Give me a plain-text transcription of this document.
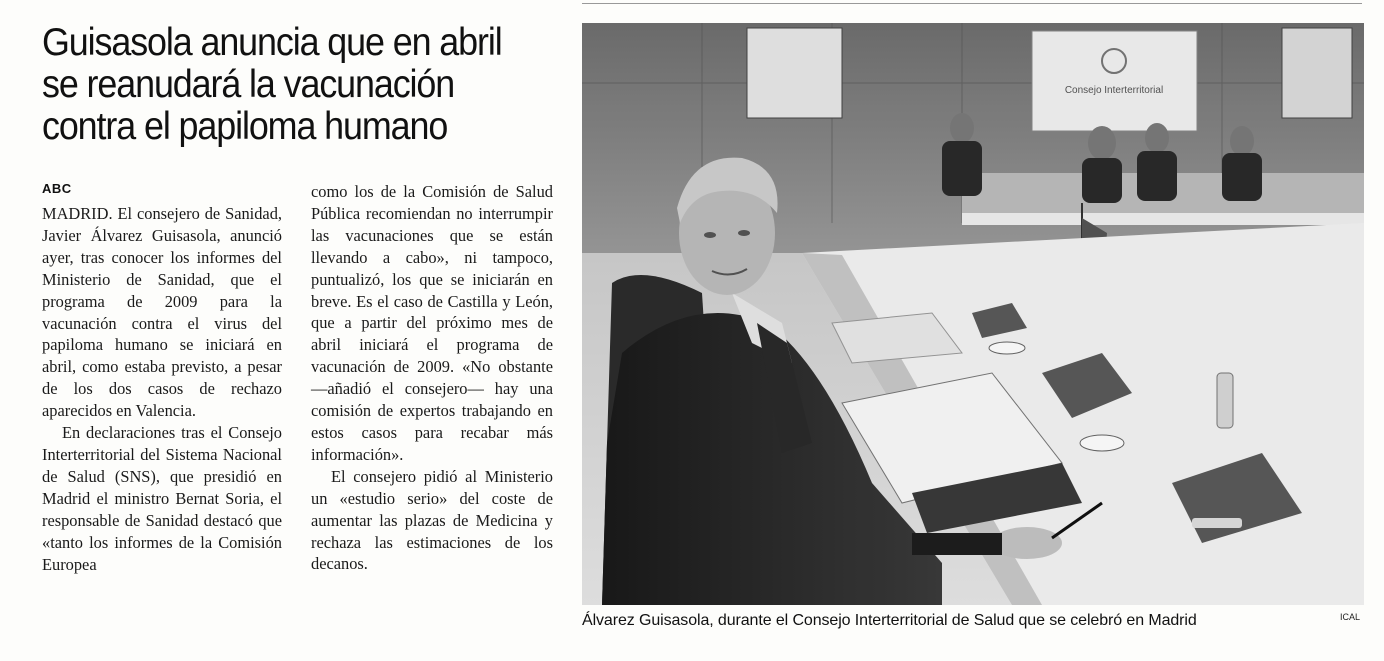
Guisasola anuncia que en abril
se reanudará la vacunación
contra el papiloma humano
ABC

MADRID. El consejero de Sanidad, Javier Álvarez Guisasola, anunció ayer, tras conocer los informes del Ministerio de Sanidad, que el programa de 2009 para la vacunación contra el virus del papiloma humano se iniciará en abril, como estaba previsto, a pesar de los dos casos de rechazo aparecidos en Valencia.

En declaraciones tras el Consejo Interterritorial del Sistema Nacional de Salud (SNS), que presidió en Madrid el ministro Bernat Soria, el responsable de Sanidad destacó que «tanto los informes de la Comisión Europea

como los de la Comisión de Salud Pública recomiendan no interrumpir las vacunaciones que se están llevando a cabo», ni tampoco, puntualizó, los que se iniciarán en breve. Es el caso de Castilla y León, que a partir del próximo mes de abril iniciará el programa de vacunación de 2009. «No obstante —añadió el consejero— hay una comisión de expertos trabajando en estos casos para recabar más información».

El consejero pidió al Ministerio un «estudio serio» del coste de aumentar las plazas de Medicina y rechaza las estimaciones de los decanos.

Consejo Interterritorial
Álvarez Guisasola, durante el Consejo Interterritorial de Salud que se celebró en Madrid	ICAL
